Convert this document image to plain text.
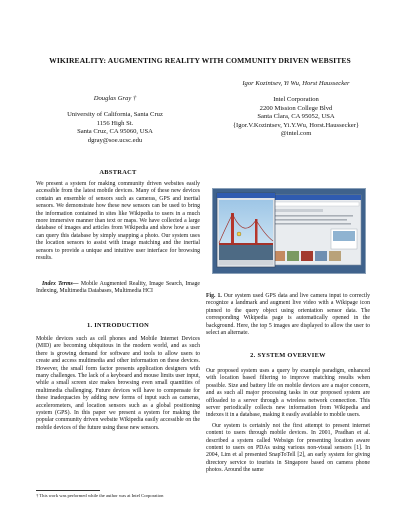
WIKIREALITY: AUGMENTING REALITY WITH COMMUNITY DRIVEN WEBSITES
Douglas Gray †
University of California, Santa Cruz
1156 High St.
Santa Cruz, CA 95060, USA
dgray@soe.ucsc.edu
Igor Kozintsev, Yi Wu, Horst Haussecker
Intel Corporation
2200 Mission College Blvd
Santa Clara, CA 95052, USA
{Igor.V.Kozintsev, Yi.Y.Wu, Horst.Haussecker}
@intel.com
ABSTRACT

We present a system for making community driven websites easily accessible from the latest mobile devices. Many of these new devices contain an ensemble of sensors such as cameras, GPS and inertial sensors. We demonstrate how these new sensors can be used to bring the information contained in sites like Wikipedia to users in a much more immersive manner than text or maps. We have collected a large database of images and articles from Wikipedia and show how a user can query this database by simply snapping a photo. Our system uses the location sensors to assist with image matching and the inertial sensors to provide a unique and intuitive user interface for browsing results.

Index Terms— Mobile Augmented Reality, Image Search, Image Indexing, Multimedia Databases, Multimedia HCI

1. INTRODUCTION

Mobile devices such as cell phones and Mobile Internet Devices (MID) are becoming ubiquitous in the modern world, and as such there is growing demand for software and tools to allow users to create and access multimedia and other information on these devices. However, the small form factor presents application designers with many challenges. The lack of a keyboard and mouse limits user input, while a small screen size makes browsing even small quantities of multimedia challenging. Future devices will have to compensate for these inadequacies by adding new forms of input such as cameras, accelerometers, and location sensors such as a global positioning system (GPS). In this paper we present a system for making the popular community driven website Wikipedia easily accessible on the mobile devices of the future using these new sensors.

† This work was performed while the author was at Intel Corporation
Fig. 1. Our system used GPS data and live camera input to correctly recognize a landmark and augment live video with a Wikipage icon pinned to the query object using orientation sensor data. The corresponding Wikipedia page is automatically opened in the background. Here, the top 5 images are displayed to allow the user to select an alternate.
2. SYSTEM OVERVIEW

Our proposed system uses a query by example paradigm, enhanced with location based filtering to improve matching results when possible. Size and battery life on mobile devices are a major concern, and as such all major processing tasks in our proposed system are offloaded to a server through a wireless network connection. This server periodically collects new information from Wikipedia and indexes it in a database, making it easily available to mobile users.

Our system is certainly not the first attempt to present internet content to users through mobile devices. In 2001, Pradhan et al. described a system called Websign for presenting location aware content to users on PDAs using various non-visual sensors [1]. In 2004, Lim et al presented SnapToTell [2], an early system for giving directory service to tourists in Singapore based on camera phone photos. Around the same
